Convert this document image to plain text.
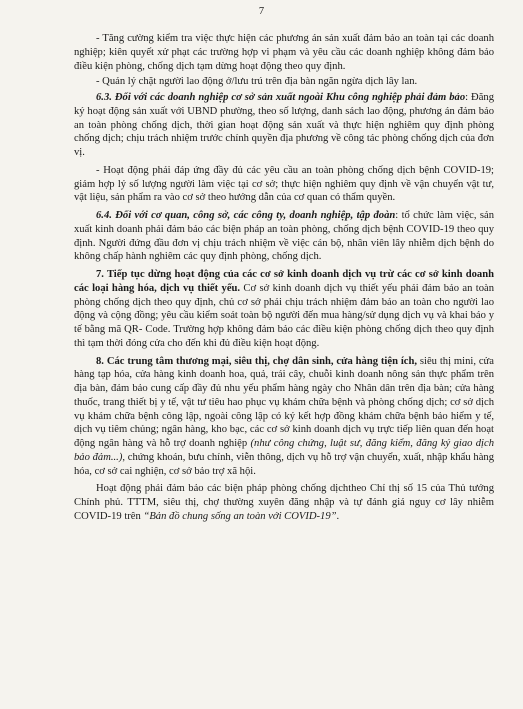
7

- Tăng cường kiểm tra việc thực hiện các phương án sản xuất đảm bảo an toàn tại các doanh nghiệp; kiên quyết xử phạt các trường hợp vi phạm và yêu cầu các doanh nghiệp không đảm bảo điều kiện phòng, chống dịch tạm dừng hoạt động theo quy định.

- Quản lý chặt người lao động ở/lưu trú trên địa bàn ngăn ngừa dịch lây lan.

6.3. Đối với các doanh nghiệp cơ sở sản xuất ngoài Khu công nghiệp phải đảm bảo: Đăng ký hoạt động sản xuất với UBND phường, theo số lượng, danh sách lao động, phương án đảm bảo an toàn phòng chống dịch, thời gian hoạt động sản xuất và thực hiện nghiêm quy định phòng chống dịch; chịu trách nhiệm trước chính quyền địa phương về công tác phòng chống dịch của đơn vị.

- Hoạt động phải đáp ứng đầy đủ các yêu cầu an toàn phòng chống dịch bệnh COVID-19; giảm hợp lý số lượng người làm việc tại cơ sở; thực hiện nghiêm quy định về vận chuyển vật tư, vật liệu, sản phẩm ra vào cơ sở theo hướng dẫn của cơ quan có thẩm quyền.

6.4. Đối với cơ quan, công sở, các công ty, doanh nghiệp, tập đoàn: tổ chức làm việc, sản xuất kinh doanh phải đảm bảo các biện pháp an toàn phòng, chống dịch bệnh COVID-19 theo quy định. Người đứng đầu đơn vị chịu trách nhiệm về việc cán bộ, nhân viên lây nhiễm dịch bệnh do không chấp hành nghiêm các quy định phòng, chống dịch.

7. Tiếp tục dừng hoạt động của các cơ sở kinh doanh dịch vụ trừ các cơ sở kinh doanh các loại hàng hóa, dịch vụ thiết yếu. Cơ sở kinh doanh dịch vụ thiết yếu phải đảm bảo an toàn phòng chống dịch theo quy định, chủ cơ sở phải chịu trách nhiệm đảm bảo an toàn cho người lao động và cộng đồng; yêu cầu kiểm soát toàn bộ người đến mua hàng/sử dụng dịch vụ và khai báo y tế bằng mã QR- Code. Trường hợp không đảm bảo các điều kiện phòng chống dịch theo quy định thì tạm thời đóng cửa cho đến khi đủ điều kiện hoạt động.

8. Các trung tâm thương mại, siêu thị, chợ dân sinh, cửa hàng tiện ích, siêu thị mini, cửa hàng tạp hóa, cửa hàng kinh doanh hoa, quả, trái cây, chuỗi kinh doanh nông sản thực phẩm trên địa bàn, đảm bảo cung cấp đầy đủ nhu yếu phẩm hàng ngày cho Nhân dân trên địa bàn; cửa hàng thuốc, trang thiết bị y tế, vật tư tiêu hao phục vụ khám chữa bệnh và phòng chống dịch; cơ sở dịch vụ khám chữa bệnh công lập, ngoài công lập có ký kết hợp đồng khám chữa bệnh bảo hiểm y tế, dịch vụ tiêm chủng; ngân hàng, kho bạc, các cơ sở kinh doanh dịch vụ trực tiếp liên quan đến hoạt động ngân hàng và hỗ trợ doanh nghiệp (như công chứng, luật sư, đăng kiểm, đăng ký giao dịch bảo đảm...), chứng khoán, bưu chính, viễn thông, dịch vụ hỗ trợ vận chuyển, xuất, nhập khẩu hàng hóa, cơ sở cai nghiện, cơ sở bảo trợ xã hội.

Hoạt động phải đảm bảo các biện pháp phòng chống dịchtheo Chỉ thị số 15 của Thủ tướng Chính phủ. TTTM, siêu thị, chợ thường xuyên đăng nhập và tự đánh giá nguy cơ lây nhiễm COVID-19 trên “Bản đồ chung sống an toàn với COVID-19”.
